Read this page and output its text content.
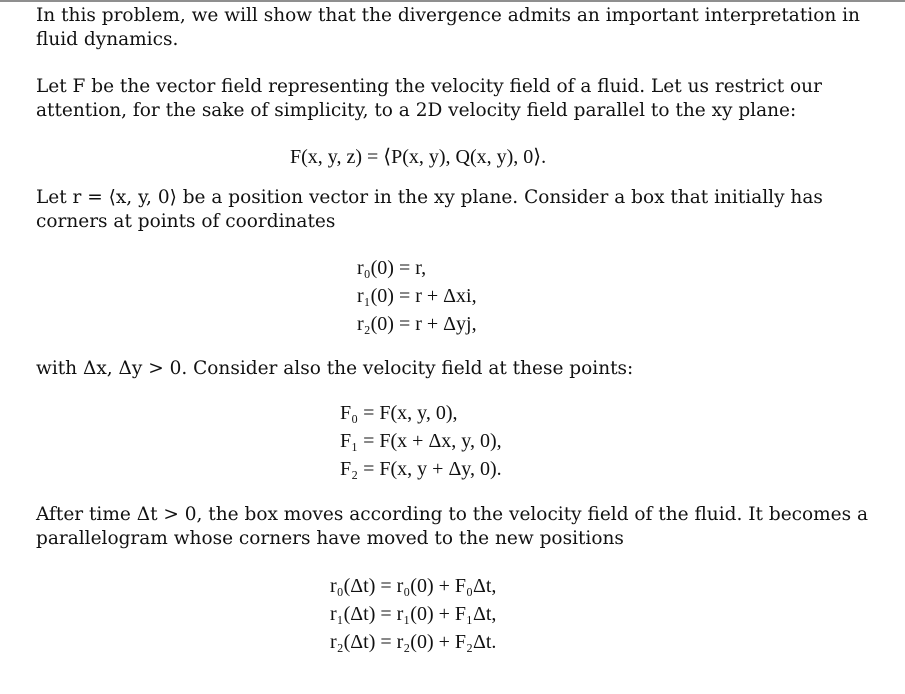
In this problem, we will show that the divergence admits an important interpretation in fluid dynamics.
Let F be the vector field representing the velocity field of a fluid. Let us restrict our attention, for the sake of simplicity, to a 2D velocity field parallel to the xy plane:
F(x, y, z) = ⟨P(x, y), Q(x, y), 0⟩.
Let r = ⟨x, y, 0⟩ be a position vector in the xy plane. Consider a box that initially has corners at points of coordinates
r₀(0) = r,
r₁(0) = r + Δxi,
r₂(0) = r + Δyj,
with Δx, Δy > 0. Consider also the velocity field at these points:
F₀ = F(x, y, 0),
F₁ = F(x + Δx, y, 0),
F₂ = F(x, y + Δy, 0).
After time Δt > 0, the box moves according to the velocity field of the fluid. It becomes a parallelogram whose corners have moved to the new positions
r₀(Δt) = r₀(0) + F₀Δt,
r₁(Δt) = r₁(0) + F₁Δt,
r₂(Δt) = r₂(0) + F₂Δt.
